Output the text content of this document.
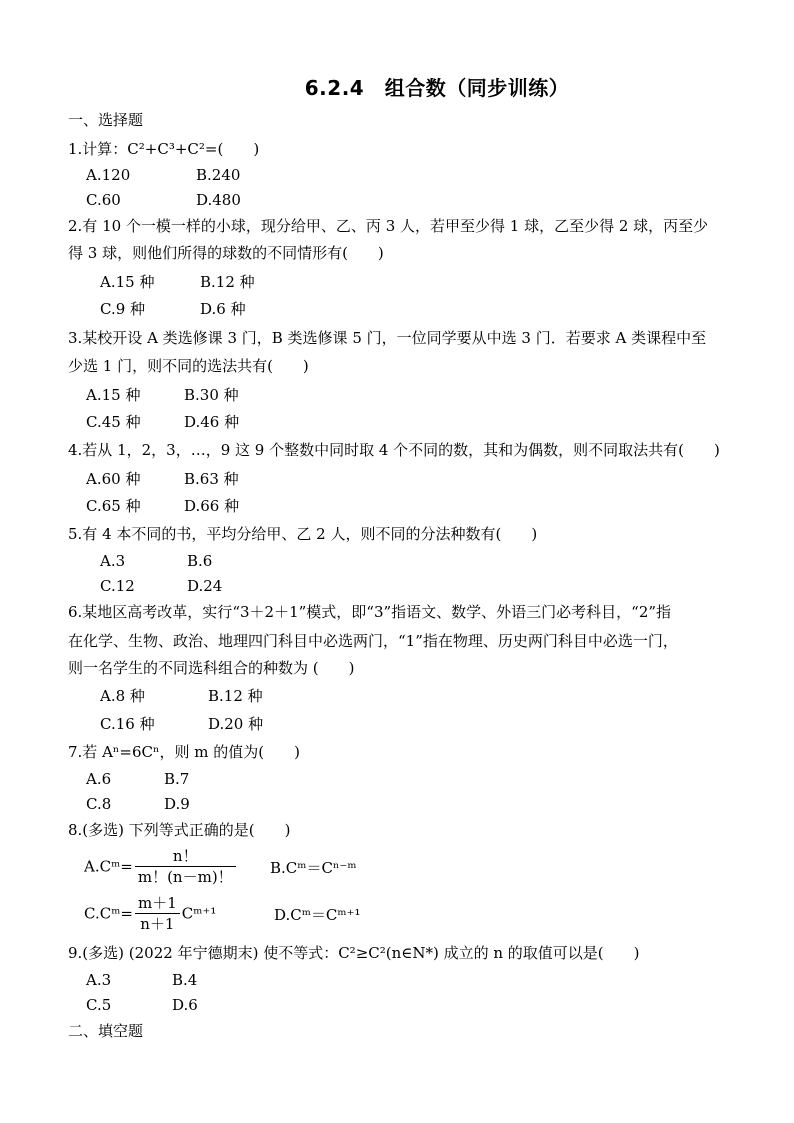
6.2.4　组合数（同步训练）
一、选择题
1.计算：C²+C³+C²=(　　)
A.120	B.240
C.60	D.480
2.有 10 个一模一样的小球，现分给甲、乙、丙 3 人，若甲至少得 1 球，乙至少得 2 球，丙至少
得 3 球，则他们所得的球数的不同情形有(　　)
A.15 种	B.12 种
C.9 种	D.6 种
3.某校开设 A 类选修课 3 门，B 类选修课 5 门，一位同学要从中选 3 门．若要求 A 类课程中至
少选 1 门，则不同的选法共有(　　)
A.15 种	B.30 种
C.45 种	D.46 种
4.若从 1，2，3，…，9 这 9 个整数中同时取 4 个不同的数，其和为偶数，则不同取法共有(　　)
A.60 种	B.63 种
C.65 种	D.66 种
5.有 4 本不同的书，平均分给甲、乙 2 人，则不同的分法种数有(　　)
A.3	B.6
C.12	D.24
6.某地区高考改革，实行“3＋2＋1”模式，即“3”指语文、数学、外语三门必考科目，“2”指
在化学、生物、政治、地理四门科目中必选两门，“1”指在物理、历史两门科目中必选一门，
则一名学生的不同选科组合的种数为 (　　)
A.8 种	B.12 种
C.16 种	D.20 种
7.若 Aⁿ=6Cⁿ，则 m 的值为(　　)
A.6	B.7
C.8	D.9
8.(多选) 下列等式正确的是(　　)
A.Cᵐ= $\frac{n!}{m!(n-m)!}$ B.Cᵐ＝Cⁿ⁻ᵐ
C.Cᵐ= $\frac{m+1}{n+1}$ Cᵐ⁺¹	D.Cᵐ＝Cᵐ⁺¹
9.(多选) (2022 年宁德期末) 使不等式：C²≥C²(n∈N*) 成立的 n 的取值可以是(　　)
A.3	B.4
C.5	D.6
二、填空题
